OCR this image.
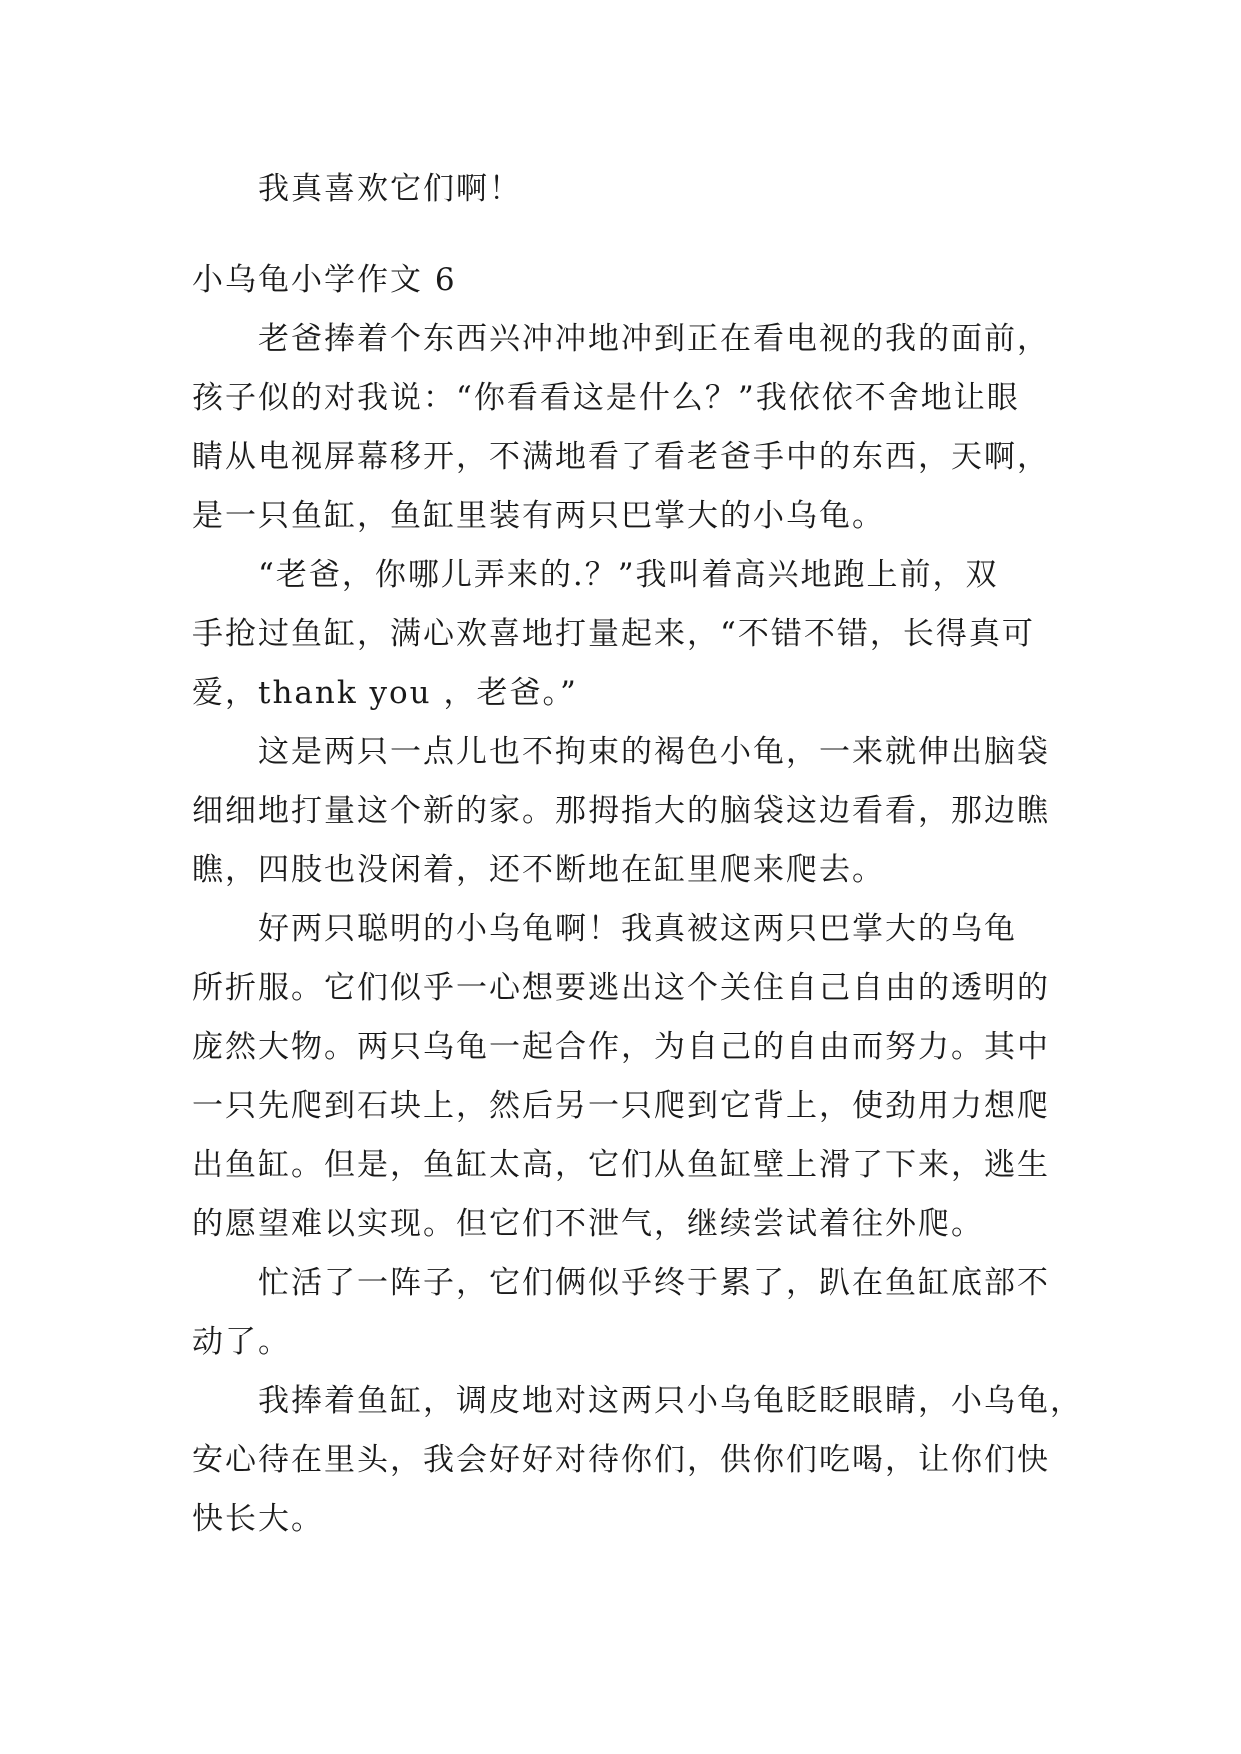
我真喜欢它们啊！
小乌龟小学作文 6
老爸捧着个东西兴冲冲地冲到正在看电视的我的面前，
孩子似的对我说：“你看看这是什么？”我依依不舍地让眼
睛从电视屏幕移开，不满地看了看老爸手中的东西，天啊，
是一只鱼缸，鱼缸里装有两只巴掌大的小乌龟。
“老爸，你哪儿弄来的.？”我叫着高兴地跑上前，双
手抢过鱼缸，满心欢喜地打量起来，“不错不错，长得真可
爱，thank you ，老爸。”
这是两只一点儿也不拘束的褐色小龟，一来就伸出脑袋
细细地打量这个新的家。那拇指大的脑袋这边看看，那边瞧
瞧，四肢也没闲着，还不断地在缸里爬来爬去。
好两只聪明的小乌龟啊！我真被这两只巴掌大的乌龟
所折服。它们似乎一心想要逃出这个关住自己自由的透明的
庞然大物。两只乌龟一起合作，为自己的自由而努力。其中
一只先爬到石块上，然后另一只爬到它背上，使劲用力想爬
出鱼缸。但是，鱼缸太高，它们从鱼缸壁上滑了下来，逃生
的愿望难以实现。但它们不泄气，继续尝试着往外爬。
忙活了一阵子，它们俩似乎终于累了，趴在鱼缸底部不
动了。
我捧着鱼缸，调皮地对这两只小乌龟眨眨眼睛，小乌龟，
安心待在里头，我会好好对待你们，供你们吃喝，让你们快
快长大。
